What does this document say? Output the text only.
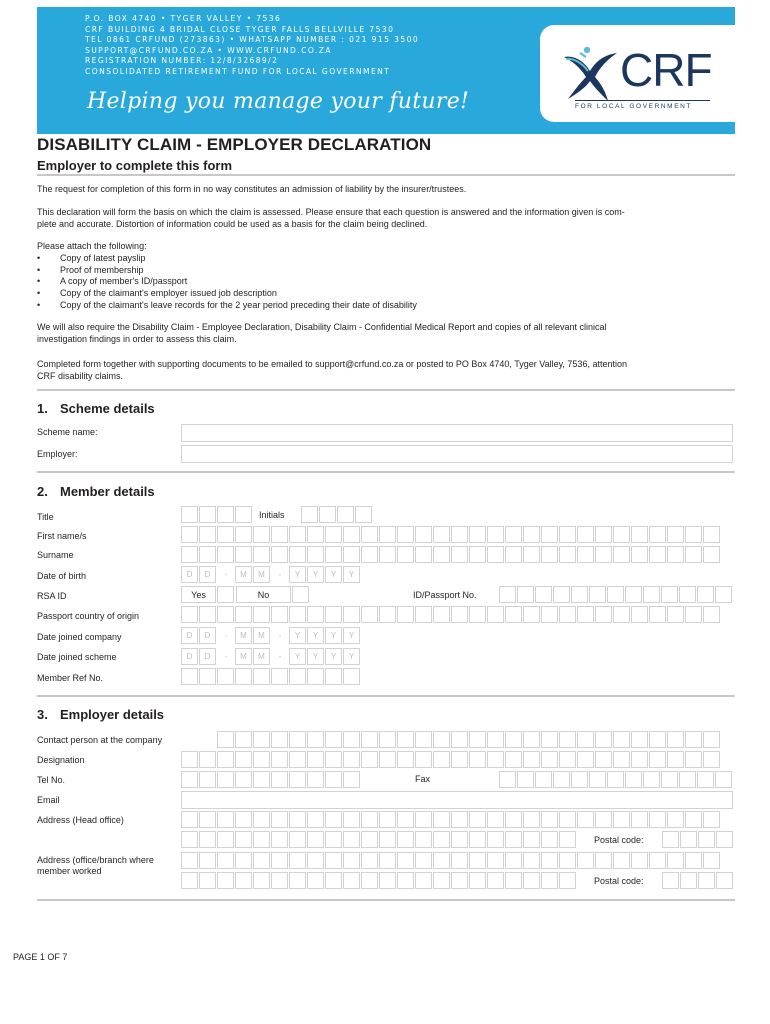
P.O. BOX 4740 • TYGER VALLEY • 7536
CRF BUILDING 4 BRIDAL CLOSE TYGER FALLS BELLVILLE 7530
TEL 0861 CRFUND (273863) • WHATSAPP NUMBER : 021 915 3500
SUPPORT@CRFUND.CO.ZA • WWW.CRFUND.CO.ZA
REGISTRATION NUMBER: 12/8/32689/2
CONSOLIDATED RETIREMENT FUND FOR LOCAL GOVERNMENT
Helping you manage your future!
CRF
FOR LOCAL GOVERNMENT
DISABILITY CLAIM - EMPLOYER DECLARATION
Employer to complete this form
The request for completion of this form in no way constitutes an admission of liability by the insurer/trustees.
This declaration will form the basis on which the claim is assessed. Please ensure that each question is answered and the information given is com-
plete and accurate. Distortion of information could be used as a basis for the claim being declined.
Please attach the following:
• Copy of latest payslip
• Proof of membership
• A copy of member's ID/passport
• Copy of the claimant's employer issued job description
• Copy of the claimant's leave records for the 2 year period preceding their date of disability
We will also require the Disability Claim - Employee Declaration, Disability Claim - Confidential Medical Report and copies of all relevant clinical
investigation findings in order to assess this claim.
Completed form together with supporting documents to be emailed to support@crfund.co.za or posted to PO Box 4740, Tyger Valley, 7536, attention
CRF disability claims.
1. Scheme details
Scheme name:
Employer:
2. Member details
Title	Initials
First name/s
Surname
Date of birth	D	D	-	M	M	-	Y	Y	Y	Y
RSA ID	Yes	No	ID/Passport No.
Passport country of origin
Date joined company	D	D	-	M	M	-	Y	Y	Y	Y
Date joined scheme	D	D	-	M	M	-	Y	Y	Y	Y
Member Ref No.
3. Employer details
Contact person at the company
Designation
Tel No.	Fax
Email
Address (Head office)
Postal code:
Address (office/branch where
member worked
Postal code:
PAGE 1 OF 7
